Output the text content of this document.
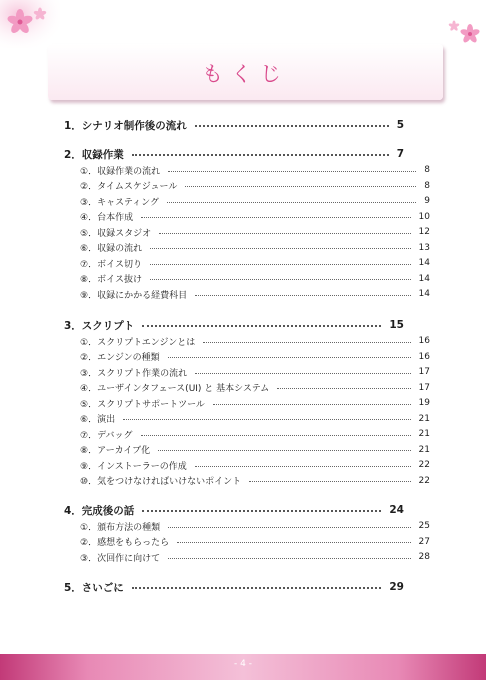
もくじ
1．シナリオ制作後の流れ	5
2．収録作業	7
①．収録作業の流れ	8
②．タイムスケジュール	8
③．キャスティング	9
④．台本作成	10
⑤．収録スタジオ	12
⑥．収録の流れ	13
⑦．ボイス切り	14
⑧．ボイス抜け	14
⑨．収録にかかる経費科目	14
3．スクリプト	15
①．スクリプトエンジンとは	16
②．エンジンの種類	16
③．スクリプト作業の流れ	17
④．ユーザインタフェース(UI) と 基本システム	17
⑤．スクリプトサポートツール	19
⑥．演出	21
⑦．デバッグ	21
⑧．アーカイブ化	21
⑨．インストーラーの作成	22
⑩．気をつけなければいけないポイント	22
4．完成後の話	24
①．頒布方法の種類	25
②．感想をもらったら	27
③．次回作に向けて	28
5．さいごに	29
- 4 -
